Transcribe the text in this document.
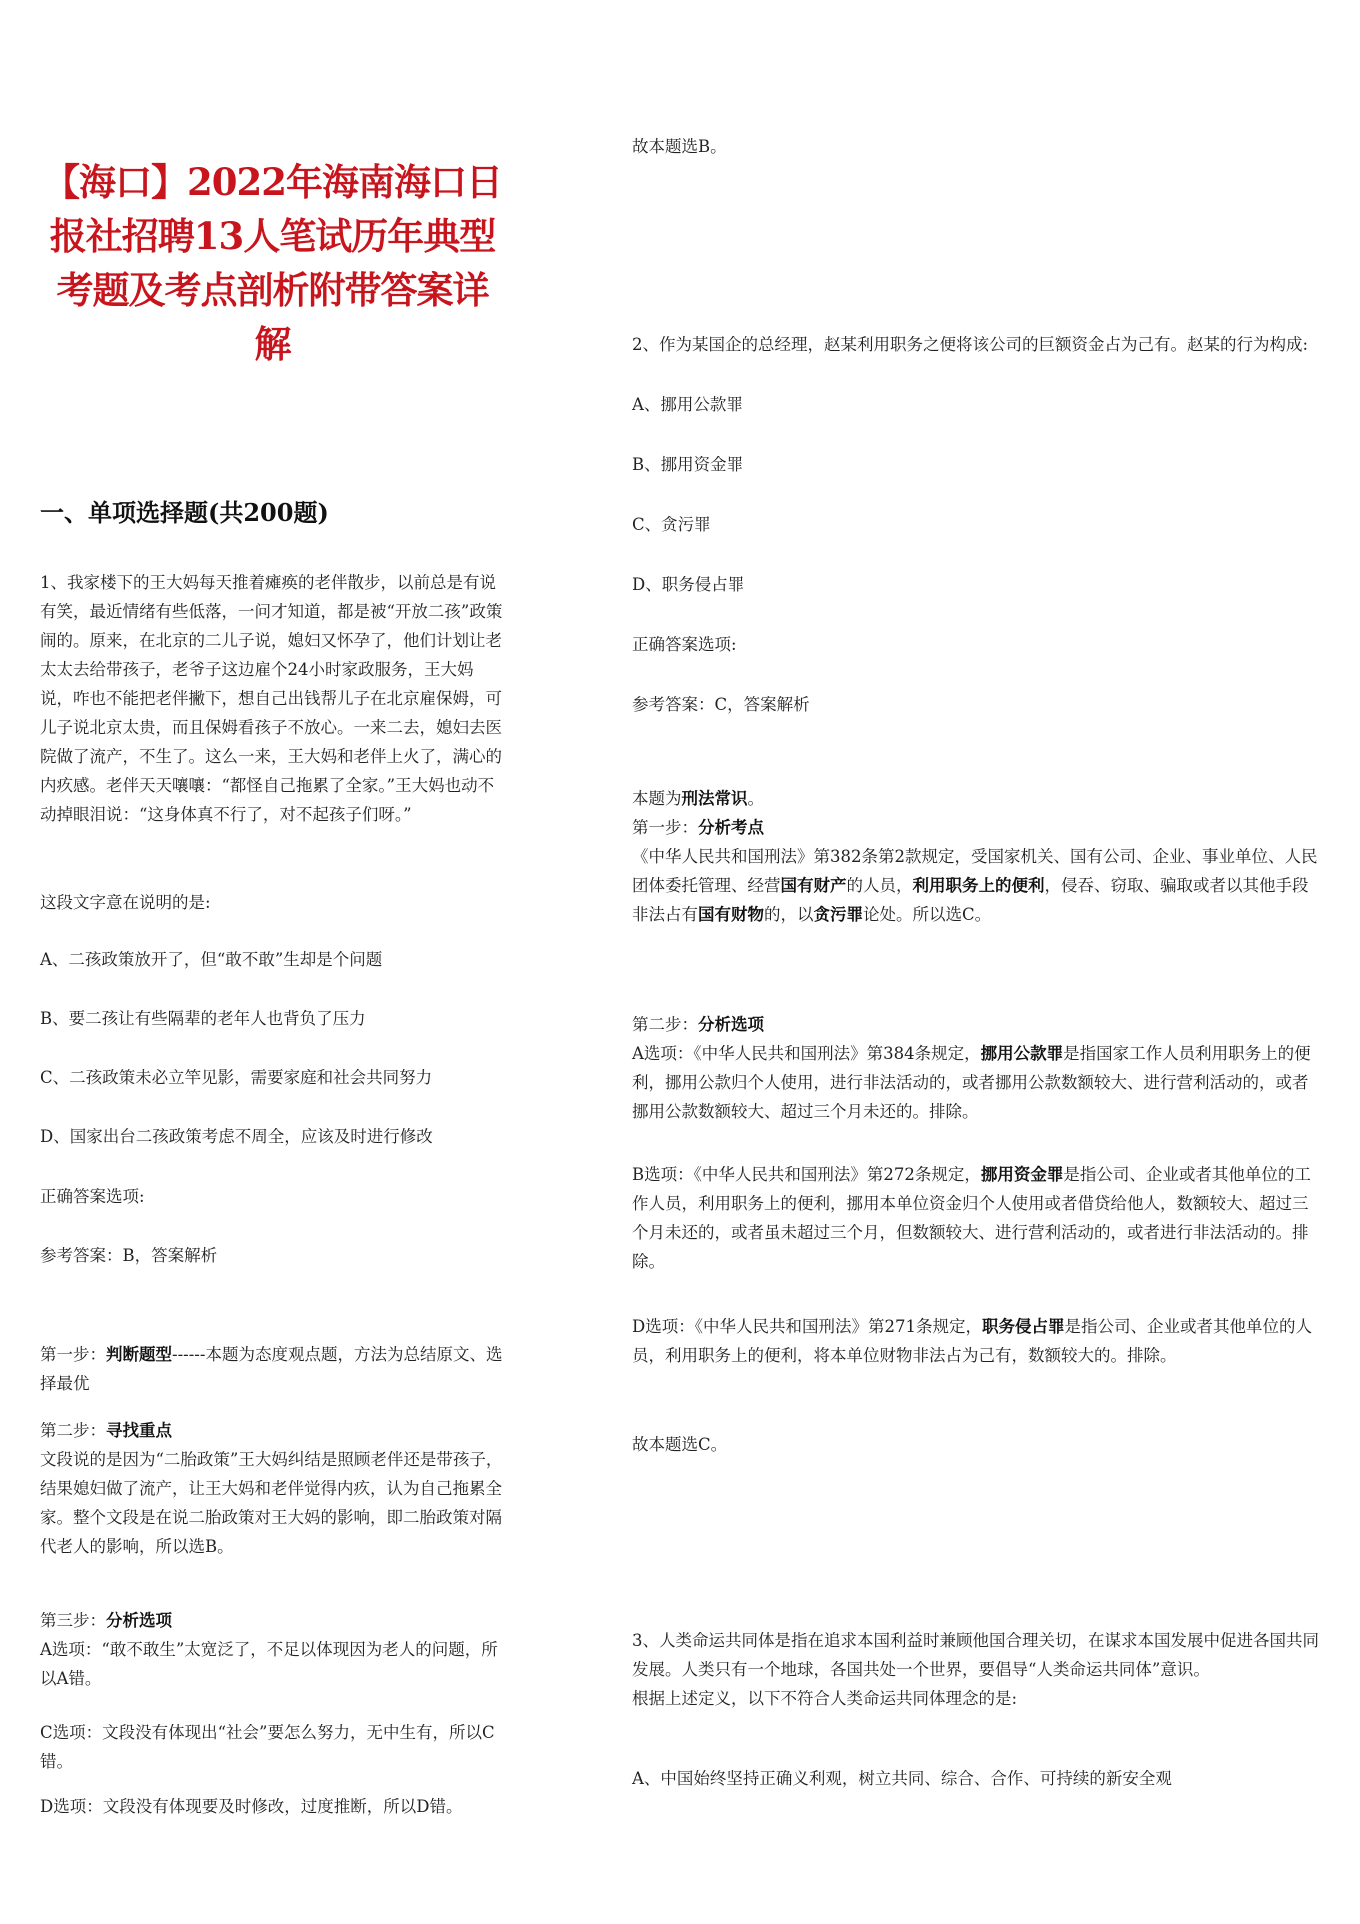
【海口】2022年海南海口日报社招聘13人笔试历年典型考题及考点剖析附带答案详解
一、单项选择题(共200题)
1、我家楼下的王大妈每天推着瘫痪的老伴散步，以前总是有说有笑，最近情绪有些低落，一问才知道，都是被“开放二孩”政策闹的。原来，在北京的二儿子说，媳妇又怀孕了，他们计划让老太太去给带孩子，老爷子这边雇个24小时家政服务，王大妈说，咋也不能把老伴撇下，想自己出钱帮儿子在北京雇保姆，可儿子说北京太贵，而且保姆看孩子不放心。一来二去，媳妇去医院做了流产，不生了。这么一来，王大妈和老伴上火了，满心的内疚感。老伴天天嚷嚷：“都怪自己拖累了全家。”王大妈也动不动掉眼泪说：“这身体真不行了，对不起孩子们呀。”
这段文字意在说明的是:
A、二孩政策放开了，但“敢不敢”生却是个问题
B、要二孩让有些隔辈的老年人也背负了压力
C、二孩政策未必立竿见影，需要家庭和社会共同努力
D、国家出台二孩政策考虑不周全，应该及时进行修改
正确答案选项:
参考答案：B，答案解析
第一步：判断题型------本题为态度观点题，方法为总结原文、选择最优
第二步：寻找重点
文段说的是因为“二胎政策”王大妈纠结是照顾老伴还是带孩子，结果媳妇做了流产，让王大妈和老伴觉得内疚，认为自己拖累全家。整个文段是在说二胎政策对王大妈的影响，即二胎政策对隔代老人的影响，所以选B。
第三步：分析选项
A选项：“敢不敢生”太宽泛了，不足以体现因为老人的问题，所以A错。
C选项：文段没有体现出“社会”要怎么努力，无中生有，所以C错。
D选项：文段没有体现要及时修改，过度推断，所以D错。
故本题选B。
2、作为某国企的总经理，赵某利用职务之便将该公司的巨额资金占为己有。赵某的行为构成:
A、挪用公款罪
B、挪用资金罪
C、贪污罪
D、职务侵占罪
正确答案选项:
参考答案：C，答案解析
本题为刑法常识。
第一步：分析考点
《中华人民共和国刑法》第382条第2款规定，受国家机关、国有公司、企业、事业单位、人民团体委托管理、经营国有财产的人员，利用职务上的便利，侵吞、窃取、骗取或者以其他手段非法占有国有财物的，以贪污罪论处。所以选C。
第二步：分析选项
A选项：《中华人民共和国刑法》第384条规定，挪用公款罪是指国家工作人员利用职务上的便利，挪用公款归个人使用，进行非法活动的，或者挪用公款数额较大、进行营利活动的，或者挪用公款数额较大、超过三个月未还的。排除。
B选项：《中华人民共和国刑法》第272条规定，挪用资金罪是指公司、企业或者其他单位的工作人员，利用职务上的便利，挪用本单位资金归个人使用或者借贷给他人，数额较大、超过三个月未还的，或者虽未超过三个月，但数额较大、进行营利活动的，或者进行非法活动的。排除。
D选项：《中华人民共和国刑法》第271条规定，职务侵占罪是指公司、企业或者其他单位的人员，利用职务上的便利，将本单位财物非法占为己有，数额较大的。排除。
故本题选C。
3、人类命运共同体是指在追求本国利益时兼顾他国合理关切，在谋求本国发展中促进各国共同发展。人类只有一个地球，各国共处一个世界，要倡导“人类命运共同体”意识。
根据上述定义，以下不符合人类命运共同体理念的是:
A、中国始终坚持正确义利观，树立共同、综合、合作、可持续的新安全观
